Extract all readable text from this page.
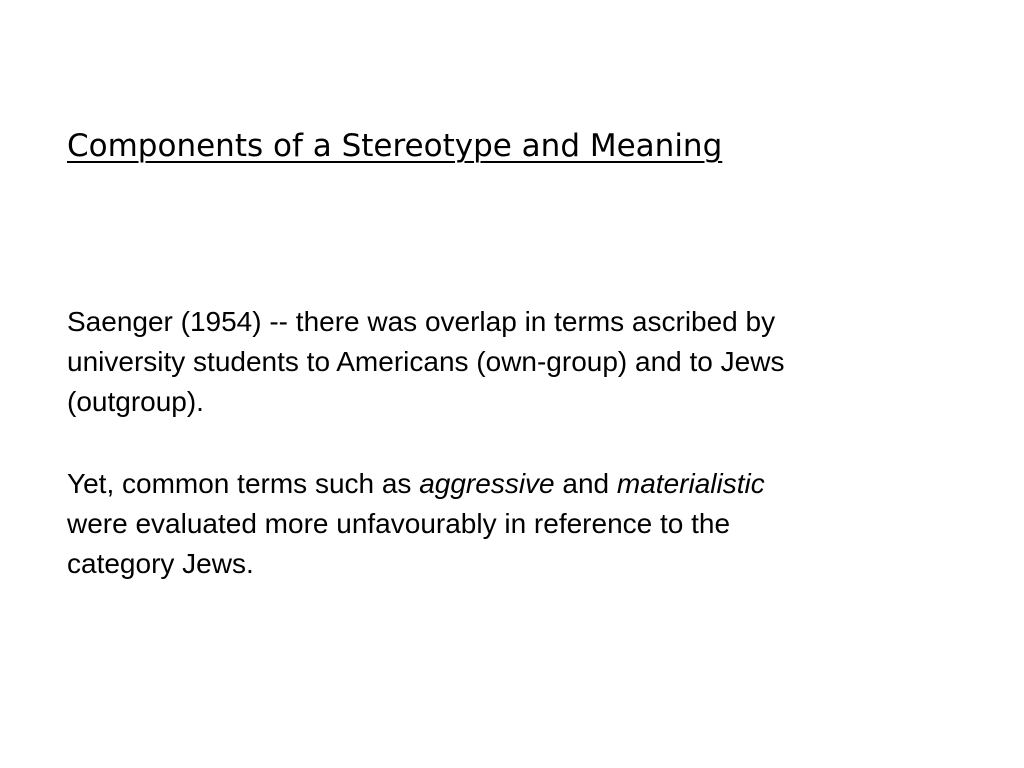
Components of a Stereotype and Meaning

Saenger (1954) -- there was overlap in terms ascribed by
university students to Americans (own-group) and to Jews
(outgroup).

Yet, common terms such as aggressive and materialistic
were evaluated more unfavourably in reference to the
category Jews.
